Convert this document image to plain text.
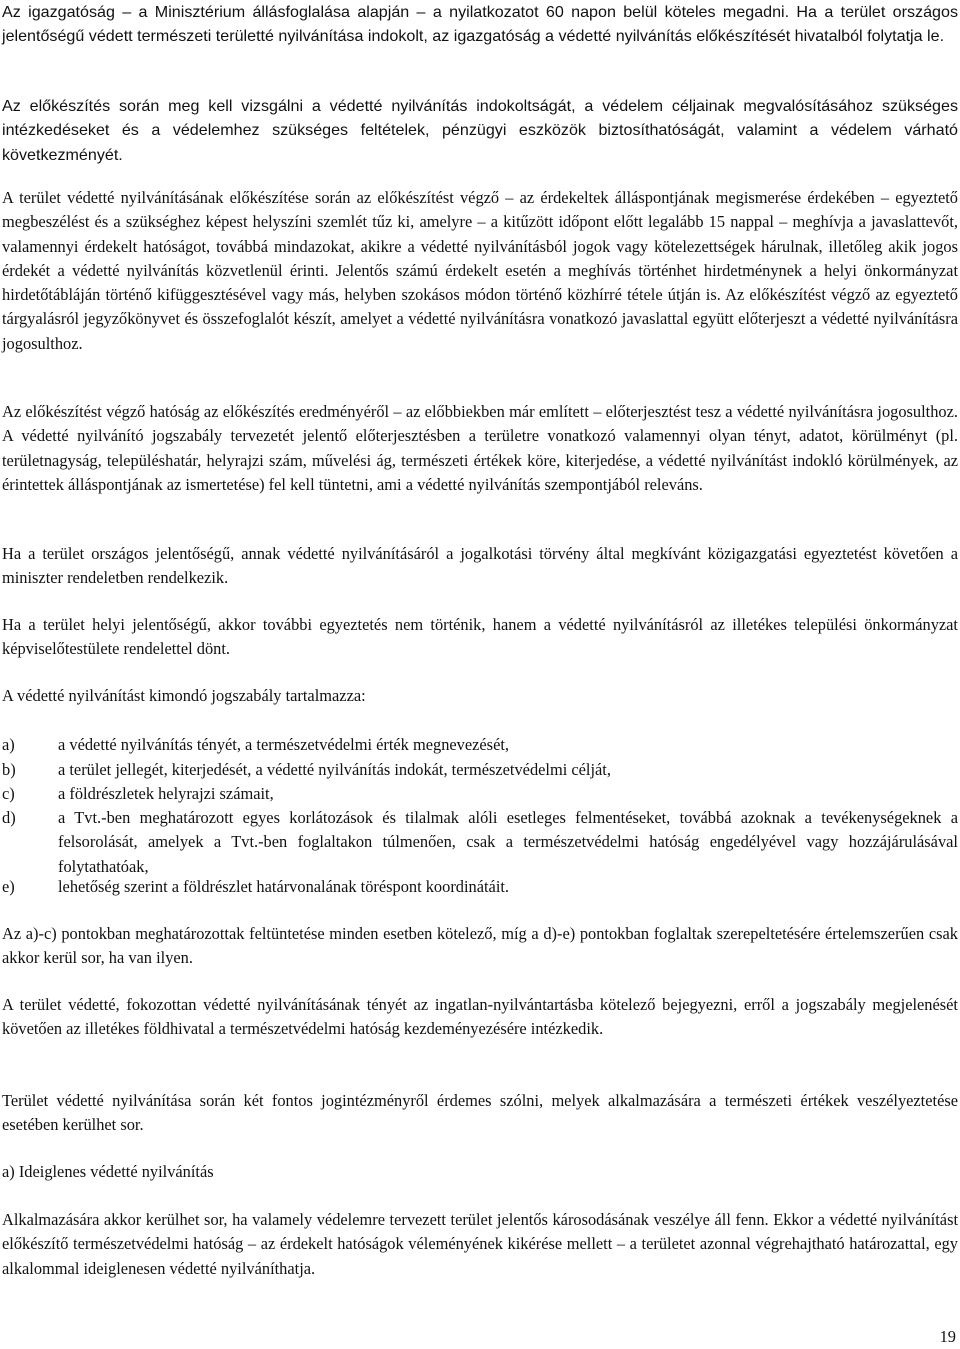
Az igazgatóság – a Minisztérium állásfoglalása alapján – a nyilatkozatot 60 napon belül köteles megadni. Ha a terület országos jelentőségű védett természeti területté nyilvánítása indokolt, az igazgatóság a védetté nyilvánítás előkészítését hivatalból folytatja le.

Az előkészítés során meg kell vizsgálni a védetté nyilvánítás indokoltságát, a védelem céljainak megvalósításához szükséges intézkedéseket és a védelemhez szükséges feltételek, pénzügyi eszközök biztosíthatóságát, valamint a védelem várható következményét.

A terület védetté nyilvánításának előkészítése során az előkészítést végző – az érdekeltek álláspontjának megismerése érdekében – egyeztető megbeszélést és a szükséghez képest helyszíni szemlét tűz ki, amelyre – a kitűzött időpont előtt legalább 15 nappal – meghívja a javaslattevőt, valamennyi érdekelt hatóságot, továbbá mindazokat, akikre a védetté nyilvánításból jogok vagy kötelezettségek hárulnak, illetőleg akik jogos érdekét a védetté nyilvánítás közvetlenül érinti. Jelentős számú érdekelt esetén a meghívás történhet hirdetménynek a helyi önkormányzat hirdetőtábláján történő kifüggesztésével vagy más, helyben szokásos módon történő közhírré tétele útján is. Az előkészítést végző az egyeztető tárgyalásról jegyzőkönyvet és összefoglalót készít, amelyet a védetté nyilvánításra vonatkozó javaslattal együtt előterjeszt a védetté nyilvánításra jogosulthoz.

Az előkészítést végző hatóság az előkészítés eredményéről – az előbbiekben már említett – előterjesztést tesz a védetté nyilvánításra jogosulthoz. A védetté nyilvánító jogszabály tervezetét jelentő előterjesztésben a területre vonatkozó valamennyi olyan tényt, adatot, körülményt (pl. területnagyság, településhatár, helyrajzi szám, művelési ág, természeti értékek köre, kiterjedése, a védetté nyilvánítást indokló körülmények, az érintettek álláspontjának az ismertetése) fel kell tüntetni, ami a védetté nyilvánítás szempontjából releváns.

Ha a terület országos jelentőségű, annak védetté nyilvánításáról a jogalkotási törvény által megkívánt közigazgatási egyeztetést követően a miniszter rendeletben rendelkezik.

Ha a terület helyi jelentőségű, akkor további egyeztetés nem történik, hanem a védetté nyilvánításról az illetékes települési önkormányzat képviselőtestülete rendelettel dönt.

A védetté nyilvánítást kimondó jogszabály tartalmazza:

a)	a védetté nyilvánítás tényét, a természetvédelmi érték megnevezését,
b)	a terület jellegét, kiterjedését, a védetté nyilvánítás indokát, természetvédelmi célját,
c)	a földrészletek helyrajzi számait,
d)	a Tvt.-ben meghatározott egyes korlátozások és tilalmak alóli esetleges felmentéseket, továbbá azoknak a tevékenységeknek a felsorolását, amelyek a Tvt.-ben foglaltakon túlmenően, csak a természetvédelmi hatóság engedélyével vagy hozzájárulásával folytathatóak,
e)	lehetőség szerint a földrészlet határvonalának töréspont koordinátáit.

Az a)-c) pontokban meghatározottak feltüntetése minden esetben kötelező, míg a d)-e) pontokban foglaltak szerepeltetésére értelemszerűen csak akkor kerül sor, ha van ilyen.

A terület védetté, fokozottan védetté nyilvánításának tényét az ingatlan-nyilvántartásba kötelező bejegyezni, erről a jogszabály megjelenését követően az illetékes földhivatal a természetvédelmi hatóság kezdeményezésére intézkedik.

Terület védetté nyilvánítása során két fontos jogintézményről érdemes szólni, melyek alkalmazására a természeti értékek veszélyeztetése esetében kerülhet sor.

a) Ideiglenes védetté nyilvánítás

Alkalmazására akkor kerülhet sor, ha valamely védelemre tervezett terület jelentős károsodásának veszélye áll fenn. Ekkor a védetté nyilvánítást előkészítő természetvédelmi hatóság – az érdekelt hatóságok véleményének kikérése mellett – a területet azonnal végrehajtható határozattal, egy alkalommal ideiglenesen védetté nyilváníthatja.

19
